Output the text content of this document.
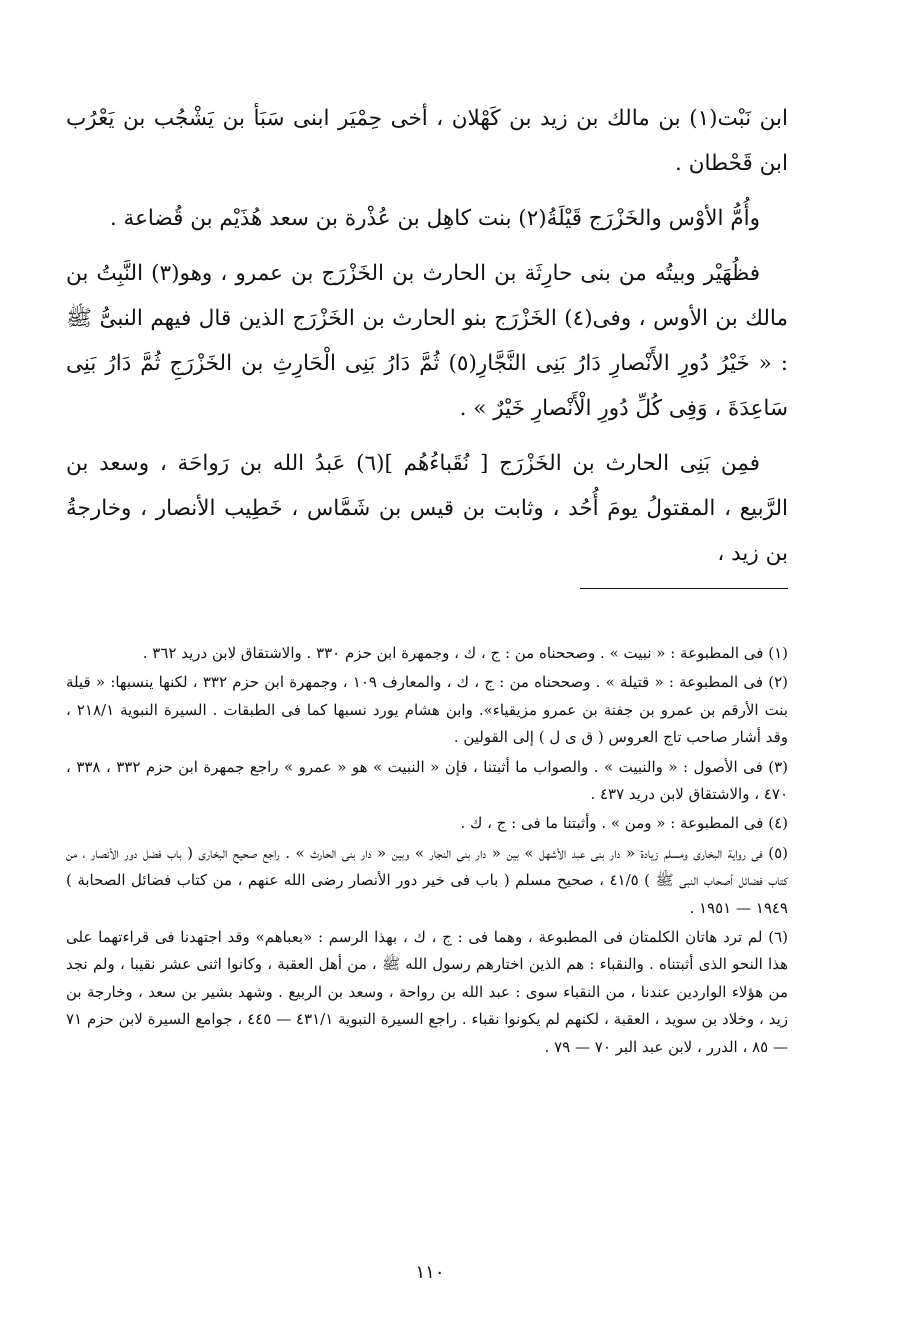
ابن نَبْت(١) بن مالك بن زيد بن كَهْلان ، أخى حِمْيَر ابنى سَبَأ بن يَشْجُب بن يَعْرُب ابن قَحْطان .

وأُمُّ الأوْس والخَزْرَج قَيْلَةُ(٢) بنت كاهِل بن عُذْرة بن سعد هُذَيْم بن قُضاعة .

فظُهَيْر وبيتُه من بنى حارِثَة بن الحارث بن الخَزْرَج بن عمرو ، وهو(٣) النَّبِتُ بن مالك بن الأوس ، وفى(٤) الخَزْرَج بنو الحارث بن الخَزْرَج الذين قال فيهم النبىُّ ﷺ : « خَيْرُ دُورِ الأَنْصارِ دَارُ بَنِى النَّجَّارِ(٥) ثُمَّ دَارُ بَنِى الْحَارِثِ بن الخَزْرَجِ ثُمَّ دَارُ بَنِى سَاعِدَةَ ، وَفِى كُلِّ دُورِ الْأَنْصارِ خَيْرٌ » .

فمِن بَنِى الحارث بن الخَزْرَج [ نُقَباءُهُم ](٦) عَبدُ الله بن رَواحَة ، وسعد بن الرَّبيع ، المقتولُ يومَ أُحُد ، وثابت بن قيس بن شَمَّاس ، خَطِيب الأنصار ، وخارجةُ بن زيد ،

(١) فى المطبوعة : « نبيت » . وصححناه من : ج ، ك ، وجمهرة ابن حزم ٣٣٠ . والاشتقاق لابن دريد ٣٦٢ .

(٢) فى المطبوعة : « قتيلة » . وصححناه من : ج ، ك ، والمعارف ١٠٩ ، وجمهرة ابن حزم ٣٣٢ ، لكنها ينسبها: « قيلة بنت الأرقم بن عمرو بن جفنة بن عمرو مزيقياء». وابن هشام يورد نسبها كما فى الطبقات . السيرة النبوية ٢١٨/١ ، وقد أشار صاحب تاج العروس ( ق ى ل ) إلى القولين .

(٣) فى الأصول : « والنبيت » . والصواب ما أثبتنا ، فإن « النبيت » هو « عمرو » راجع جمهرة ابن حزم ٣٣٢ ، ٣٣٨ ، ٤٧٠ ، والاشتقاق لابن دريد ٤٣٧ .

(٤) فى المطبوعة : « ومن » . وأثبتنا ما فى : ج ، ك .

(٥) فى رواية البخارى ومسلم زيادة « دار بنى عبد الأشهل » بين « دار بنى النجار » وبين « دار بنى الحارث » . راجع صحيح البخارى ( باب فضل دور الأنصار ، من كتاب فضائل أصحاب النبى ﷺ ) ٤١/٥ ، صحيح مسلم ( باب فى خير دور الأنصار رضى الله عنهم ، من كتاب فضائل الصحابة ) ١٩٤٩ — ١٩٥١ .

(٦) لم ترد هاتان الكلمتان فى المطبوعة ، وهما فى : ج ، ك ، بهذا الرسم : «بعباهم» وقد اجتهدنا فى قراءتهما على هذا النحو الذى أثبتناه . والنقباء : هم الذين اختارهم رسول الله ﷺ ، من أهل العقبة ، وكانوا اثنى عشر نقيبا ، ولم نجد من هؤلاء الواردين عندنا ، من النقباء سوى : عبد الله بن رواحة ، وسعد بن الربيع . وشهد بشير بن سعد ، وخارجة بن زيد ، وخلاد بن سويد ، العقبة ، لكنهم لم يكونوا نقباء . راجع السيرة النبوية ٤٣١/١ — ٤٤٥ ، جوامع السيرة لابن حزم ٧١ — ٨٥ ، الدرر ، لابن عبد البر ٧٠ — ٧٩ .

١١٠
